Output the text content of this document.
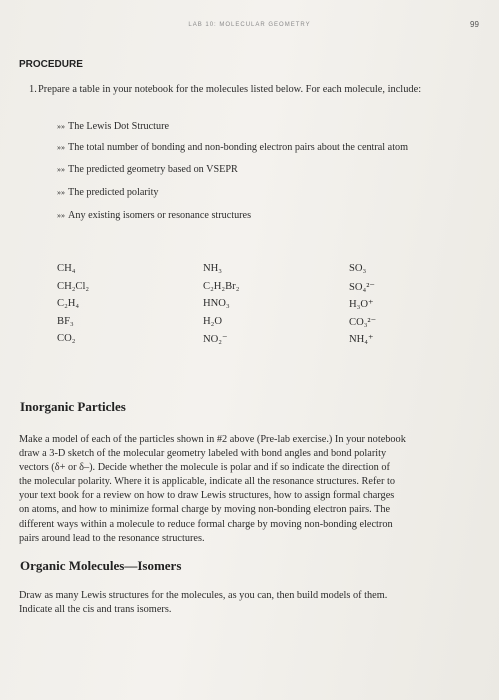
LAB 10: MOLECULAR GEOMETRY	99
PROCEDURE
1. Prepare a table in your notebook for the molecules listed below. For each molecule, include:
»» The Lewis Dot Structure
»» The total number of bonding and non-bonding electron pairs about the central atom
»» The predicted geometry based on VSEPR
»» The predicted polarity
»» Any existing isomers or resonance structures
CH₄
CH₂Cl₂
C₂H₄
BF₃
CO₂
NH₃
C₂H₂Br₂
HNO₃
H₂O
NO₂⁻
SO₃
SO₄²⁻
H₃O⁺
CO₃²⁻
NH₄⁺
Inorganic Particles
Make a model of each of the particles shown in #2 above (Pre-lab exercise.) In your notebook
draw a 3-D sketch of the molecular geometry labeled with bond angles and bond polarity
vectors (δ+ or δ–). Decide whether the molecule is polar and if so indicate the direction of
the molecular polarity. Where it is applicable, indicate all the resonance structures. Refer to
your text book for a review on how to draw Lewis structures, how to assign formal charges
on atoms, and how to minimize formal charge by moving non-bonding electron pairs. The
different ways within a molecule to reduce formal charge by moving non-bonding electron
pairs around lead to the resonance structures.
Organic Molecules—Isomers
Draw as many Lewis structures for the molecules, as you can, then build models of them.
Indicate all the cis and trans isomers.
